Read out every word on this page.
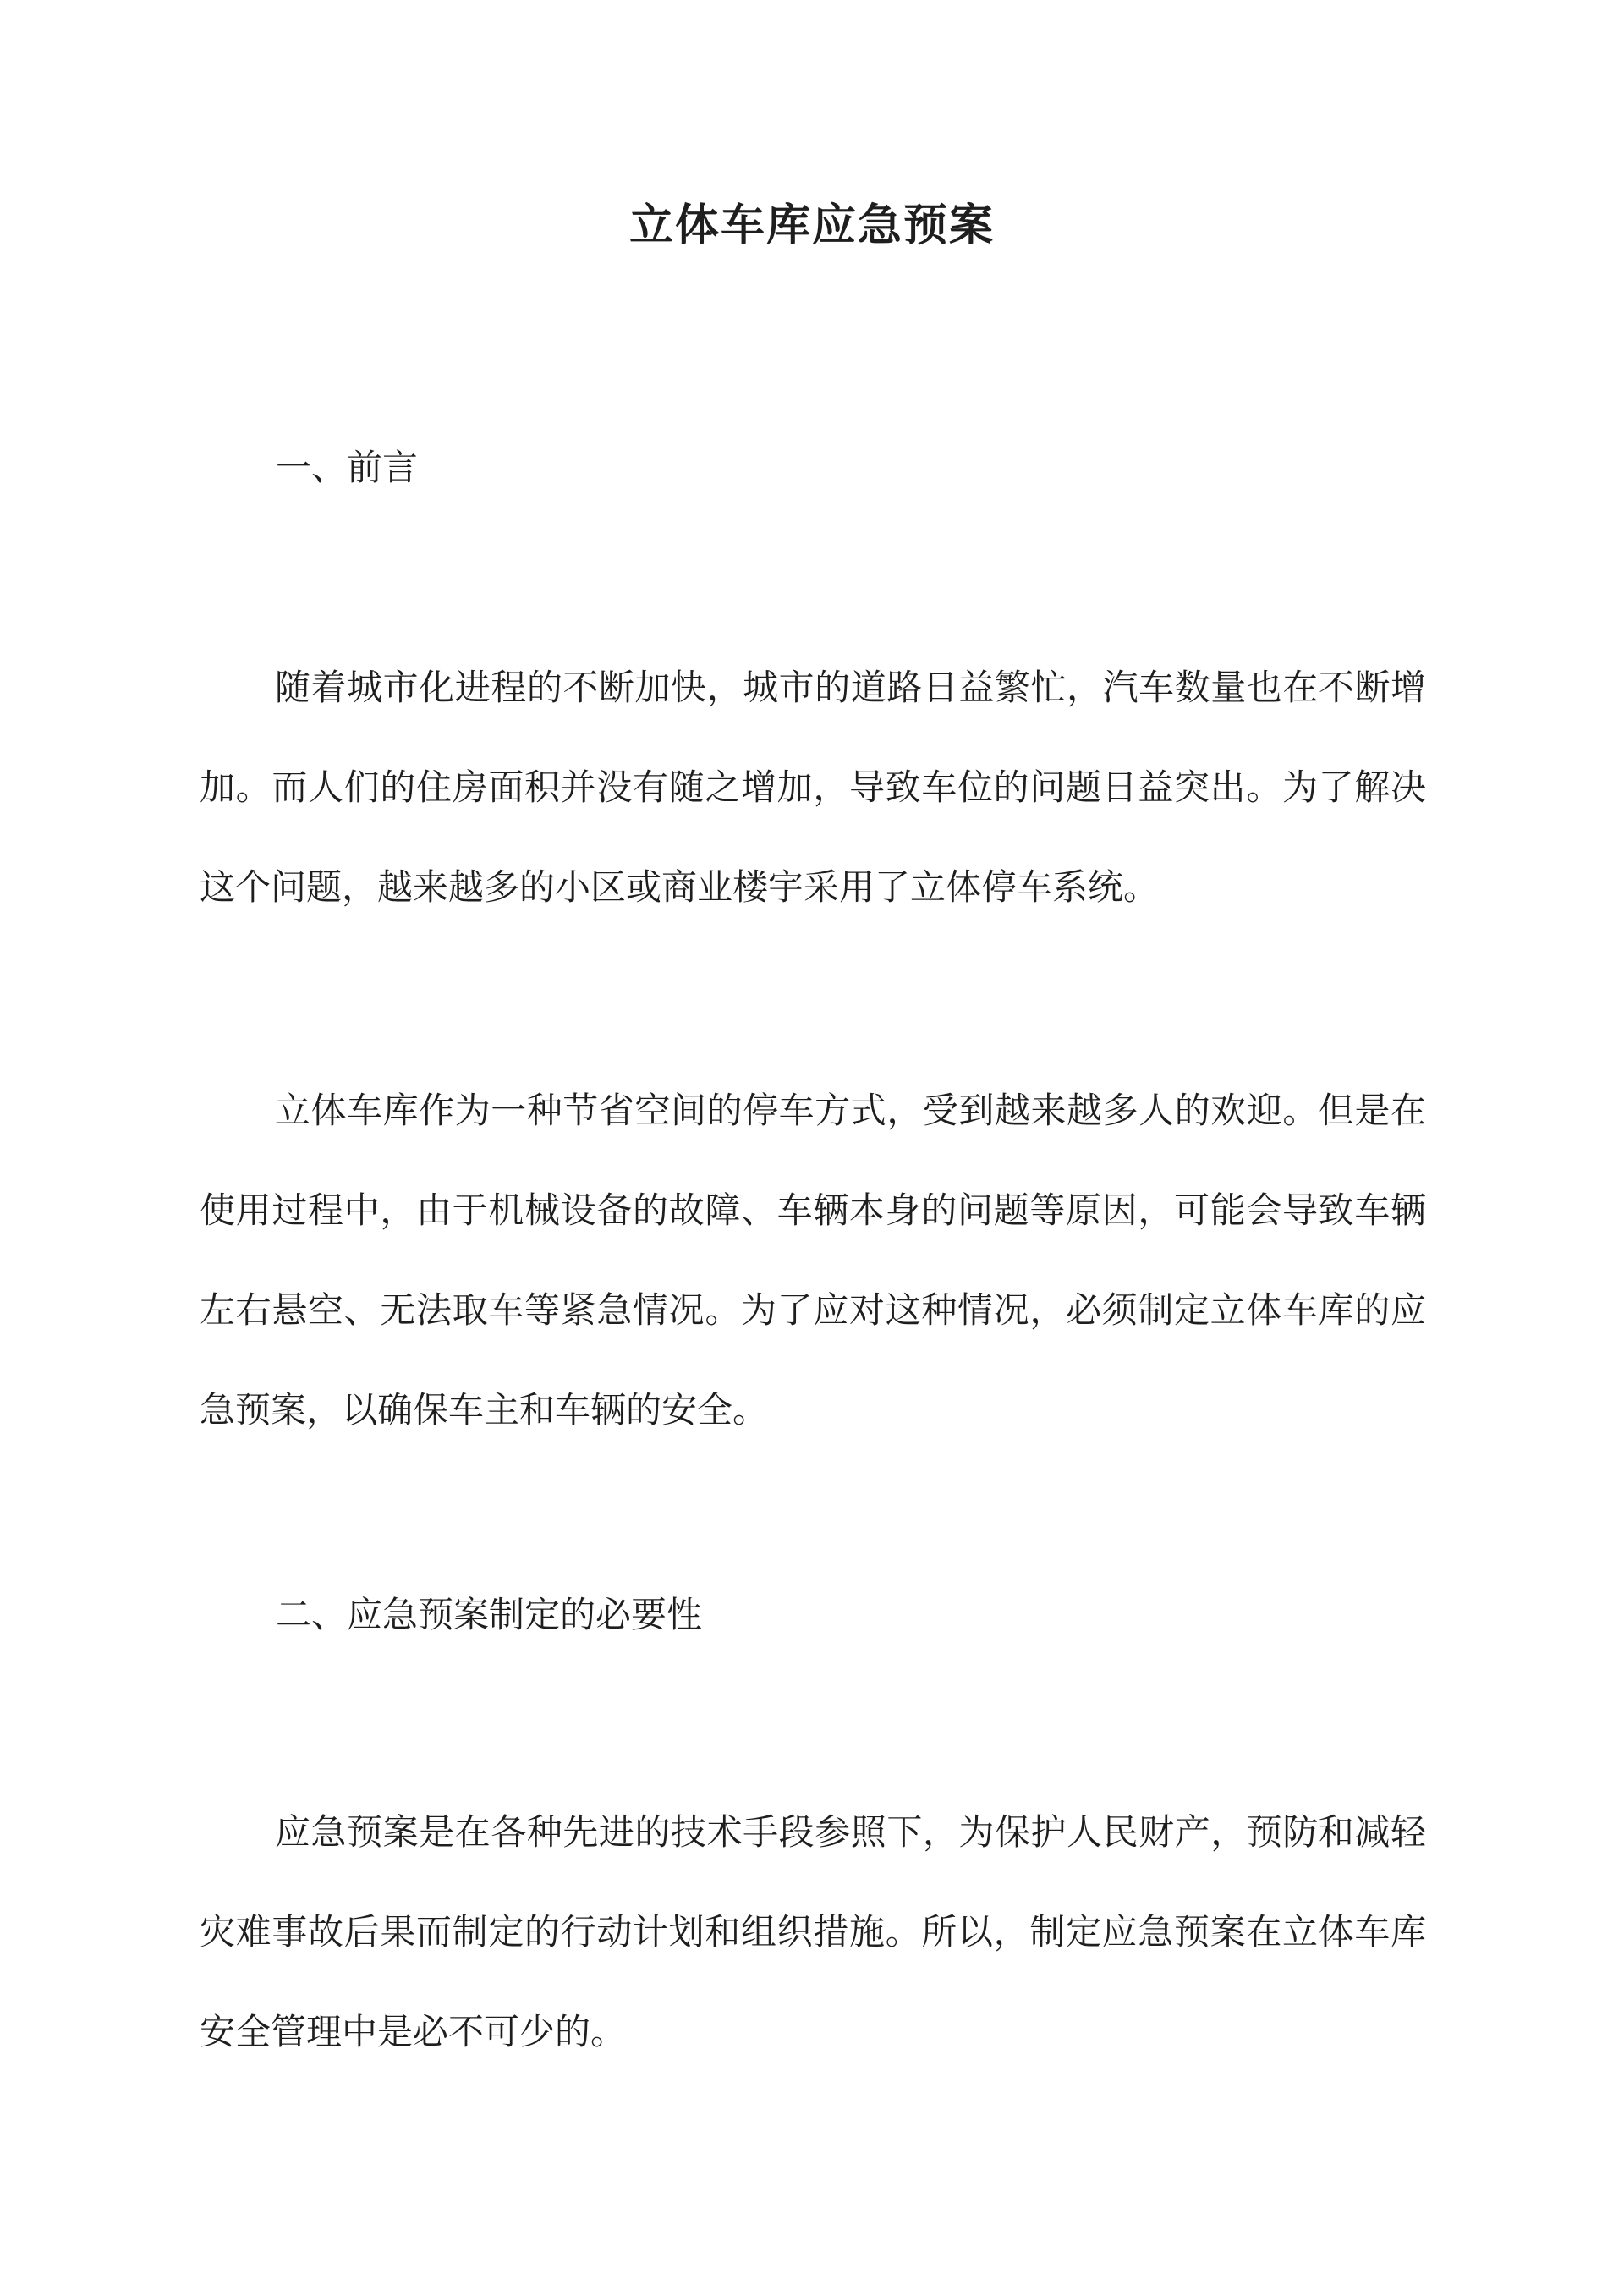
立体车库应急预案
一、前言

随着城市化进程的不断加快，城市的道路日益繁忙，汽车数量也在不断增加。而人们的住房面积并没有随之增加，导致车位的问题日益突出。为了解决这个问题，越来越多的小区或商业楼宇采用了立体停车系统。

立体车库作为一种节省空间的停车方式，受到越来越多人的欢迎。但是在使用过程中，由于机械设备的故障、车辆本身的问题等原因，可能会导致车辆左右悬空、无法取车等紧急情况。为了应对这种情况，必须制定立体车库的应急预案，以确保车主和车辆的安全。

二、应急预案制定的必要性

应急预案是在各种先进的技术手段参照下，为保护人民财产，预防和减轻灾难事故后果而制定的行动计划和组织措施。所以，制定应急预案在立体车库安全管理中是必不可少的。
